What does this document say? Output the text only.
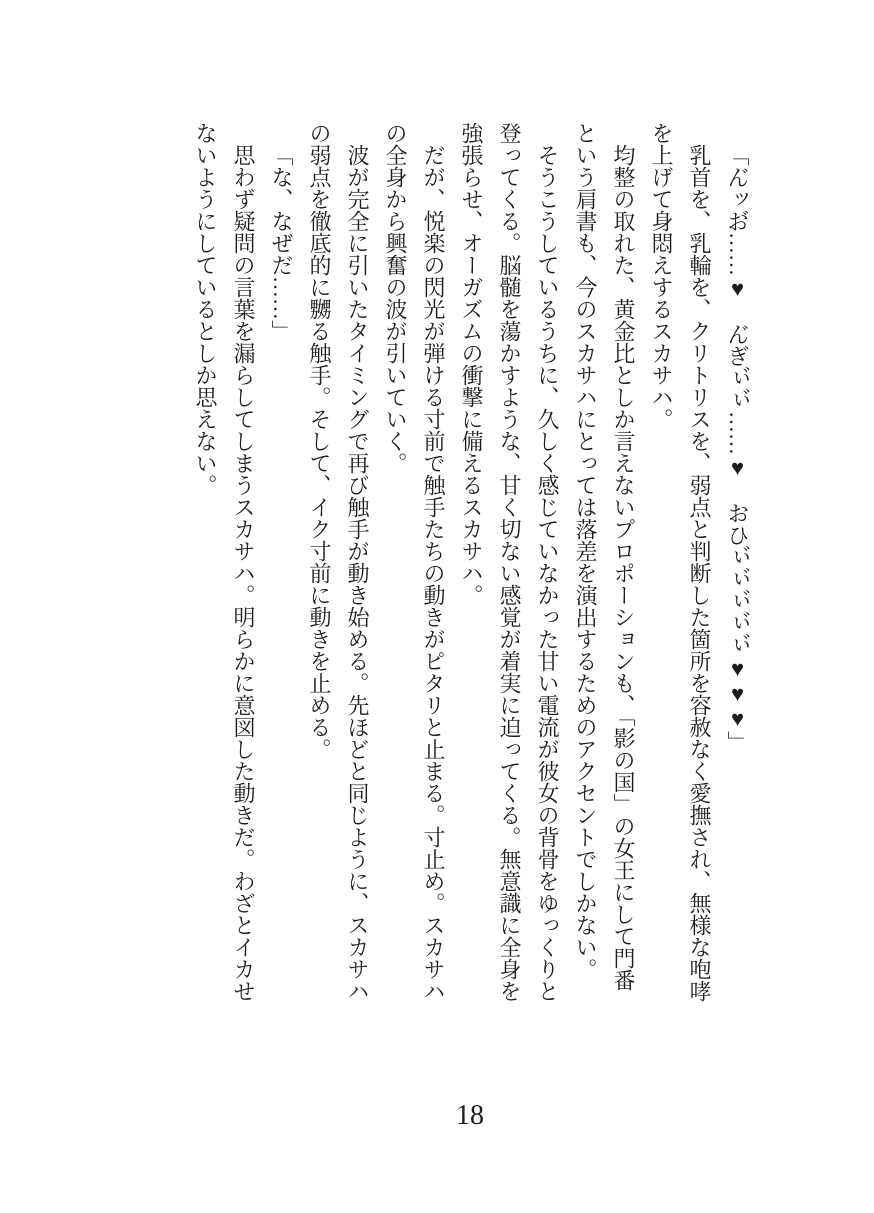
「ん゙ッお゙……♥　ん゙ぎぃ゙ぃ゙……♥　おひぃ゙ぃ゙ぃ゙ぃ゙ぃ゙♥♥♥」

乳首を、乳輪を、クリトリスを、弱点と判断した箇所を容赦なく愛撫され、無様な咆哮を上げて身悶えするスカサハ。

均整の取れた、黄金比としか言えないプロポーションも、「影の国」の女王にして門番という肩書も、今のスカサハにとっては落差を演出するためのアクセントでしかない。

そうこうしているうちに、久しく感じていなかった甘い電流が彼女の背骨をゆっくりと登ってくる。脳髄を蕩かすような、甘く切ない感覚が着実に迫ってくる。無意識に全身を強張らせ、オーガズムの衝撃に備えるスカサハ。

だが、悦楽の閃光が弾ける寸前で触手たちの動きがピタリと止まる。寸止め。スカサハの全身から興奮の波が引いていく。

波が完全に引いたタイミングで再び触手が動き始める。先ほどと同じように、スカサハの弱点を徹底的に嬲る触手。そして、イク寸前に動きを止める。

「な、なぜだ……」

思わず疑問の言葉を漏らしてしまうスカサハ。明らかに意図した動きだ。わざとイカせないようにしているとしか思えない。

18
